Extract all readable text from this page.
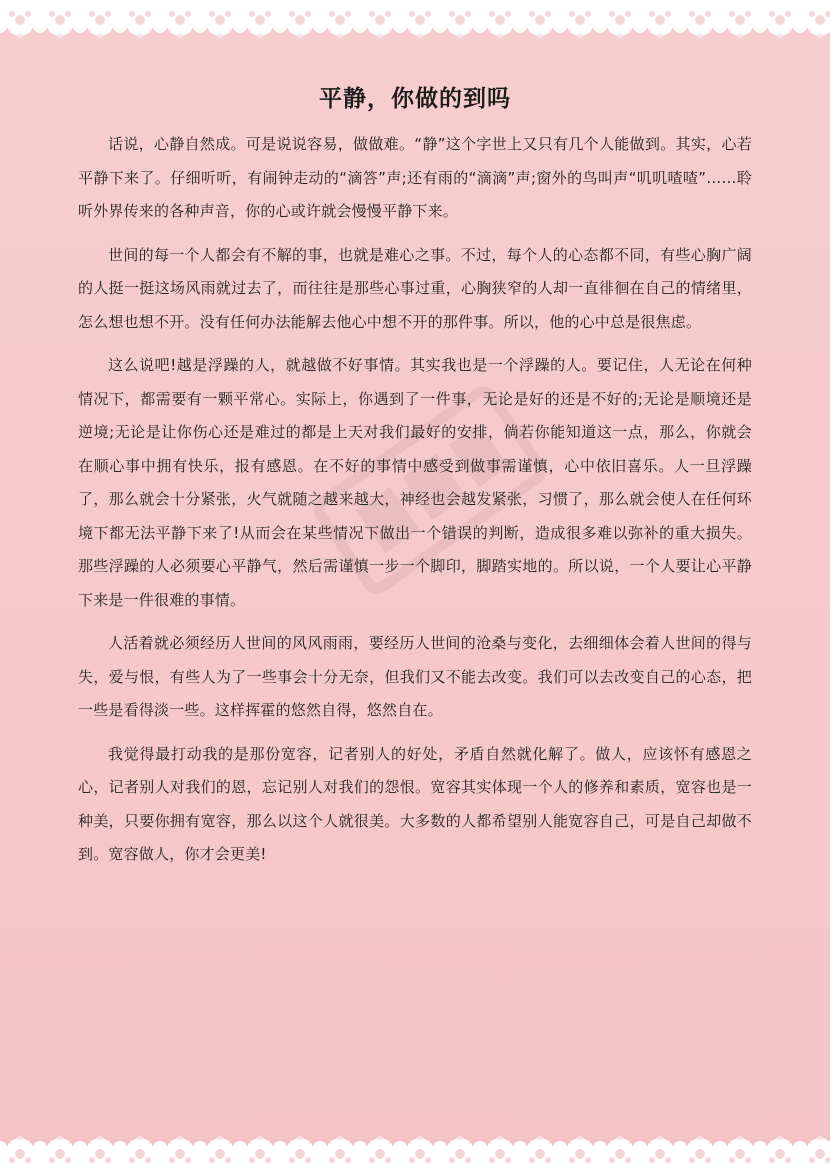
平静，你做的到吗

话说，心静自然成。可是说说容易，做做难。“静”这个字世上又只有几个人能做到。其实，心若平静下来了。仔细听听，有闹钟走动的“滴答”声;还有雨的“滴滴”声;窗外的鸟叫声“叽叽喳喳”……聆听外界传来的各种声音，你的心或许就会慢慢平静下来。

世间的每一个人都会有不解的事，也就是难心之事。不过，每个人的心态都不同，有些心胸广阔的人挺一挺这场风雨就过去了，而往往是那些心事过重，心胸狭窄的人却一直徘徊在自己的情绪里，怎么想也想不开。没有任何办法能解去他心中想不开的那件事。所以，他的心中总是很焦虑。

这么说吧!越是浮躁的人，就越做不好事情。其实我也是一个浮躁的人。要记住，人无论在何种情况下，都需要有一颗平常心。实际上，你遇到了一件事，无论是好的还是不好的;无论是顺境还是逆境;无论是让你伤心还是难过的都是上天对我们最好的安排，倘若你能知道这一点，那么，你就会在顺心事中拥有快乐，报有感恩。在不好的事情中感受到做事需谨慎，心中依旧喜乐。人一旦浮躁了，那么就会十分紧张，火气就随之越来越大，神经也会越发紧张，习惯了，那么就会使人在任何环境下都无法平静下来了!从而会在某些情况下做出一个错误的判断，造成很多难以弥补的重大损失。那些浮躁的人必须要心平静气，然后需谨慎一步一个脚印，脚踏实地的。所以说，一个人要让心平静下来是一件很难的事情。

人活着就必须经历人世间的风风雨雨，要经历人世间的沧桑与变化，去细细体会着人世间的得与失，爱与恨，有些人为了一些事会十分无奈，但我们又不能去改变。我们可以去改变自己的心态，把一些是看得淡一些。这样挥霍的悠然自得，悠然自在。

我觉得最打动我的是那份宽容，记者别人的好处，矛盾自然就化解了。做人，应该怀有感恩之心，记者别人对我们的恩，忘记别人对我们的怨恨。宽容其实体现一个人的修养和素质，宽容也是一种美，只要你拥有宽容，那么以这个人就很美。大多数的人都希望别人能宽容自己，可是自己却做不到。宽容做人，你才会更美!
